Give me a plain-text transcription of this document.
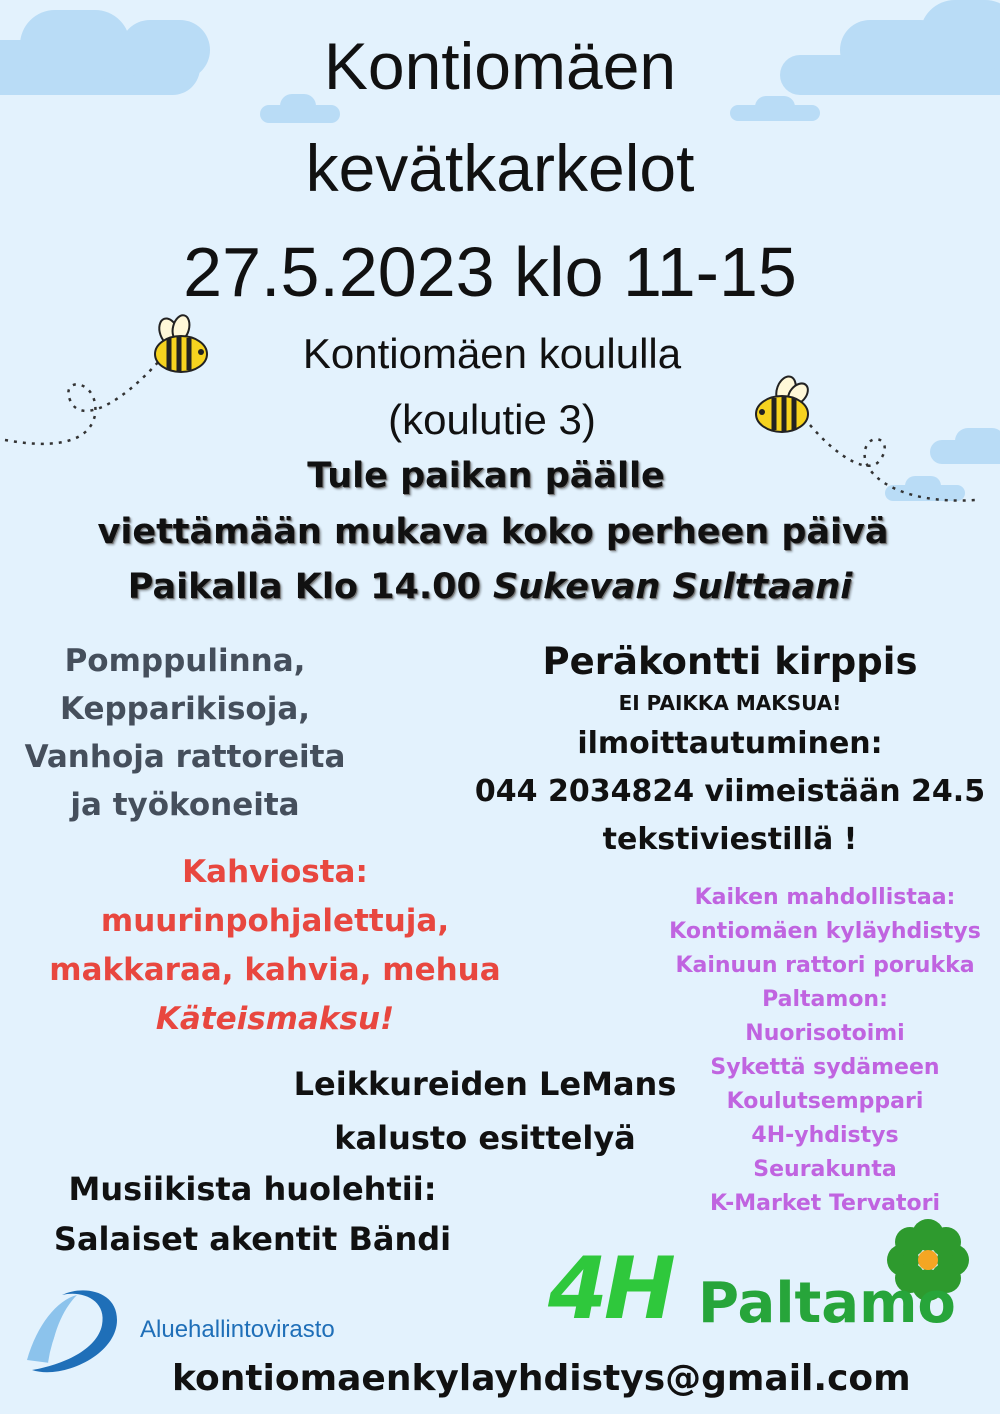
Kontiomäen
kevätkarkelot
27.5.2023 klo 11-15
Kontiomäen koululla
(koulutie 3)
Tule paikan päälle
viettämään mukava koko perheen päivä
Paikalla Klo 14.00 Sukevan Sulttaani
Pomppulinna,
Kepparikisoja,
Vanhoja rattoreita
ja työkoneita
Peräkontti kirppis
EI PAIKKA MAKSUA!
ilmoittautuminen:
044 2034824 viimeistään 24.5
tekstiviestillä !
Kahviosta:
muurinpohjalettuja,
makkaraa, kahvia, mehua
Käteismaksu!
Leikkureiden LeMans
kalusto esittelyä
Musiikista huolehtii:
Salaiset akentit Bändi
Kaiken mahdollistaa:
Kontiomäen kyläyhdistys
Kainuun rattori porukka
Paltamon:
Nuorisotoimi
Sykettä sydämeen
Koulutsemppari
4H-yhdistys
Seurakunta
K-Market Tervatori
4H Paltamo
Aluehallintovirasto
kontiomaenkylayhdistys@gmail.com
